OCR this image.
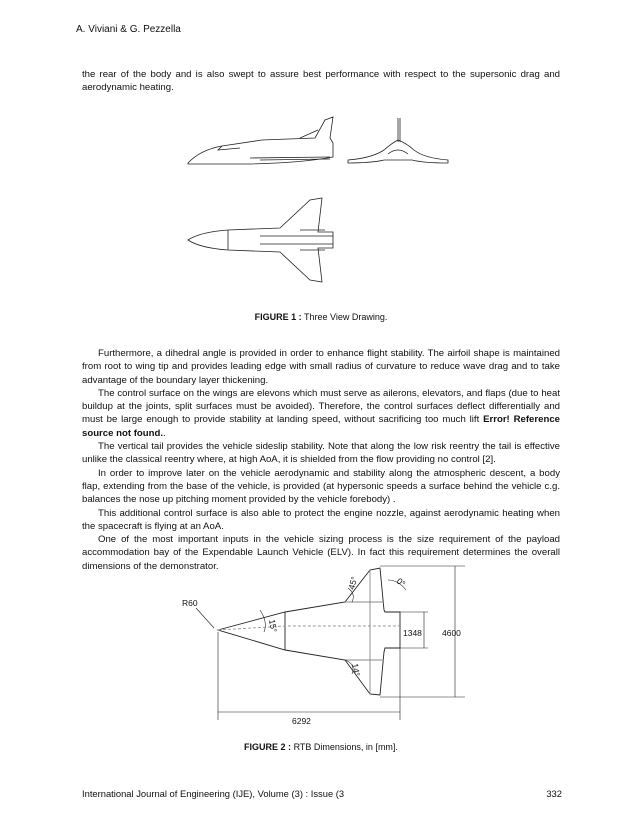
A. Viviani & G. Pezzella
the rear of the body and is also swept to assure best performance with respect to the supersonic drag and aerodynamic heating.
FIGURE 1 : Three View Drawing.

Furthermore, a dihedral angle is provided in order to enhance flight stability. The airfoil shape is maintained from root to wing tip and provides leading edge with small radius of curvature to reduce wave drag and to take advantage of the boundary layer thickening.

The control surface on the wings are elevons which must serve as ailerons, elevators, and flaps (due to heat buildup at the joints, split surfaces must be avoided). Therefore, the control surfaces deflect differentially and must be large enough to provide stability at landing speed, without sacrificing too much lift Error! Reference source not found..

The vertical tail provides the vehicle sideslip stability. Note that along the low risk reentry the tail is effective unlike the classical reentry where, at high AoA, it is shielded from the flow providing no control [2].

In order to improve later on the vehicle aerodynamic and stability along the atmospheric descent, a body flap, extending from the base of the vehicle, is provided (at hypersonic speeds a surface behind the vehicle c.g. balances the nose up pitching moment provided by the vehicle forebody) .

This additional control surface is also able to protect the engine nozzle, against aerodynamic heating when the spacecraft is flying at an AoA.

One of the most important inputs in the vehicle sizing process is the size requirement of the payload accommodation bay of the Expendable Launch Vehicle (ELV). In fact this requirement determines the overall dimensions of the demonstrator.

R60
6292
4600
1348
15°
45°	0°
14°
FIGURE 2 : RTB Dimensions, in [mm].
International Journal of Engineering (IJE), Volume (3) : Issue (3	332
